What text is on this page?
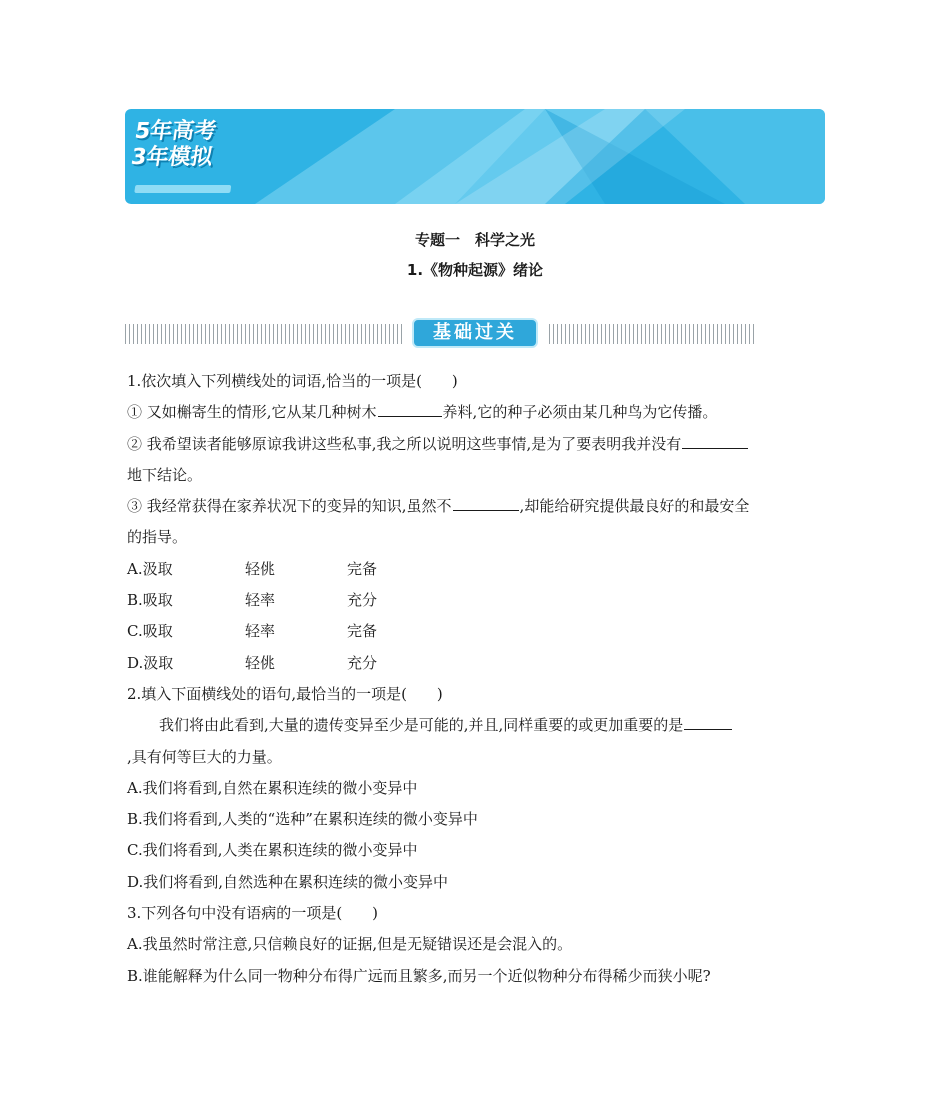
5年高考
3年模拟
专题一　科学之光
1.《物种起源》绪论
基础过关
1.依次填入下列横线处的词语,恰当的一项是(　　)
① 又如槲寄生的情形,它从某几种树木	养料,它的种子必须由某几种鸟为它传播。
② 我希望读者能够原谅我讲这些私事,我之所以说明这些事情,是为了要表明我并没有
地下结论。
③ 我经常获得在家养状况下的变异的知识,虽然不	,却能给研究提供最良好的和最安全
的指导。
A.汲取	轻佻	完备
B.吸取	轻率	充分
C.吸取	轻率	完备
D.汲取	轻佻	充分
2.填入下面横线处的语句,最恰当的一项是(　　)
我们将由此看到,大量的遗传变异至少是可能的,并且,同样重要的或更加重要的是
,具有何等巨大的力量。
A.我们将看到,自然在累积连续的微小变异中
B.我们将看到,人类的“选种”在累积连续的微小变异中
C.我们将看到,人类在累积连续的微小变异中
D.我们将看到,自然选种在累积连续的微小变异中
3.下列各句中没有语病的一项是(　　)
A.我虽然时常注意,只信赖良好的证据,但是无疑错误还是会混入的。
B.谁能解释为什么同一物种分布得广远而且繁多,而另一个近似物种分布得稀少而狭小呢?
